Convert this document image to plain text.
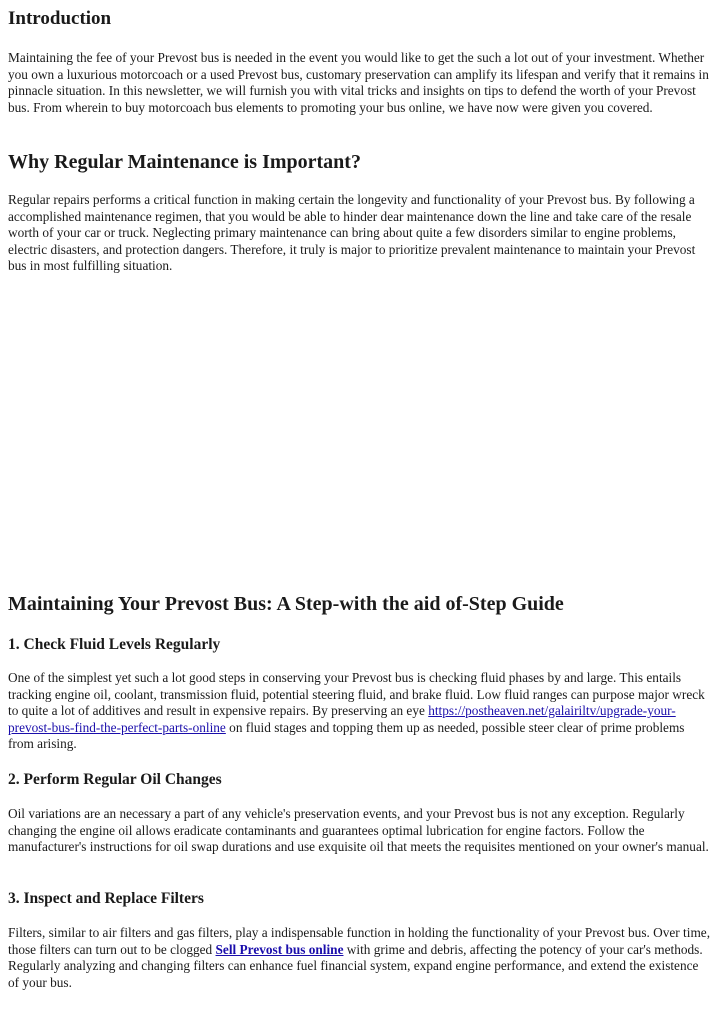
Introduction

Maintaining the fee of your Prevost bus is needed in the event you would like to get the such a lot out of your investment. Whether you own a luxurious motorcoach or a used Prevost bus, customary preservation can amplify its lifespan and verify that it remains in pinnacle situation. In this newsletter, we will furnish you with vital tricks and insights on tips to defend the worth of your Prevost bus. From wherein to buy motorcoach bus elements to promoting your bus online, we have now were given you covered.

Why Regular Maintenance is Important?

Regular repairs performs a critical function in making certain the longevity and functionality of your Prevost bus. By following a accomplished maintenance regimen, that you would be able to hinder dear maintenance down the line and take care of the resale worth of your car or truck. Neglecting primary maintenance can bring about quite a few disorders similar to engine problems, electric disasters, and protection dangers. Therefore, it truly is major to prioritize prevalent maintenance to maintain your Prevost bus in most fulfilling situation.

Maintaining Your Prevost Bus: A Step-with the aid of-Step Guide
1. Check Fluid Levels Regularly

One of the simplest yet such a lot good steps in conserving your Prevost bus is checking fluid phases by and large. This entails tracking engine oil, coolant, transmission fluid, potential steering fluid, and brake fluid. Low fluid ranges can purpose major wreck to quite a lot of additives and result in expensive repairs. By preserving an eye https://postheaven.net/galairiltv/upgrade-your-prevost-bus-find-the-perfect-parts-online on fluid stages and topping them up as needed, possible steer clear of prime problems from arising.

2. Perform Regular Oil Changes

Oil variations are an necessary a part of any vehicle's preservation events, and your Prevost bus is not any exception. Regularly changing the engine oil allows eradicate contaminants and guarantees optimal lubrication for engine factors. Follow the manufacturer's instructions for oil swap durations and use exquisite oil that meets the requisites mentioned on your owner's manual.

3. Inspect and Replace Filters

Filters, similar to air filters and gas filters, play a indispensable function in holding the functionality of your Prevost bus. Over time, those filters can turn out to be clogged Sell Prevost bus online with grime and debris, affecting the potency of your car's methods. Regularly analyzing and changing filters can enhance fuel financial system, expand engine performance, and extend the existence of your bus.
